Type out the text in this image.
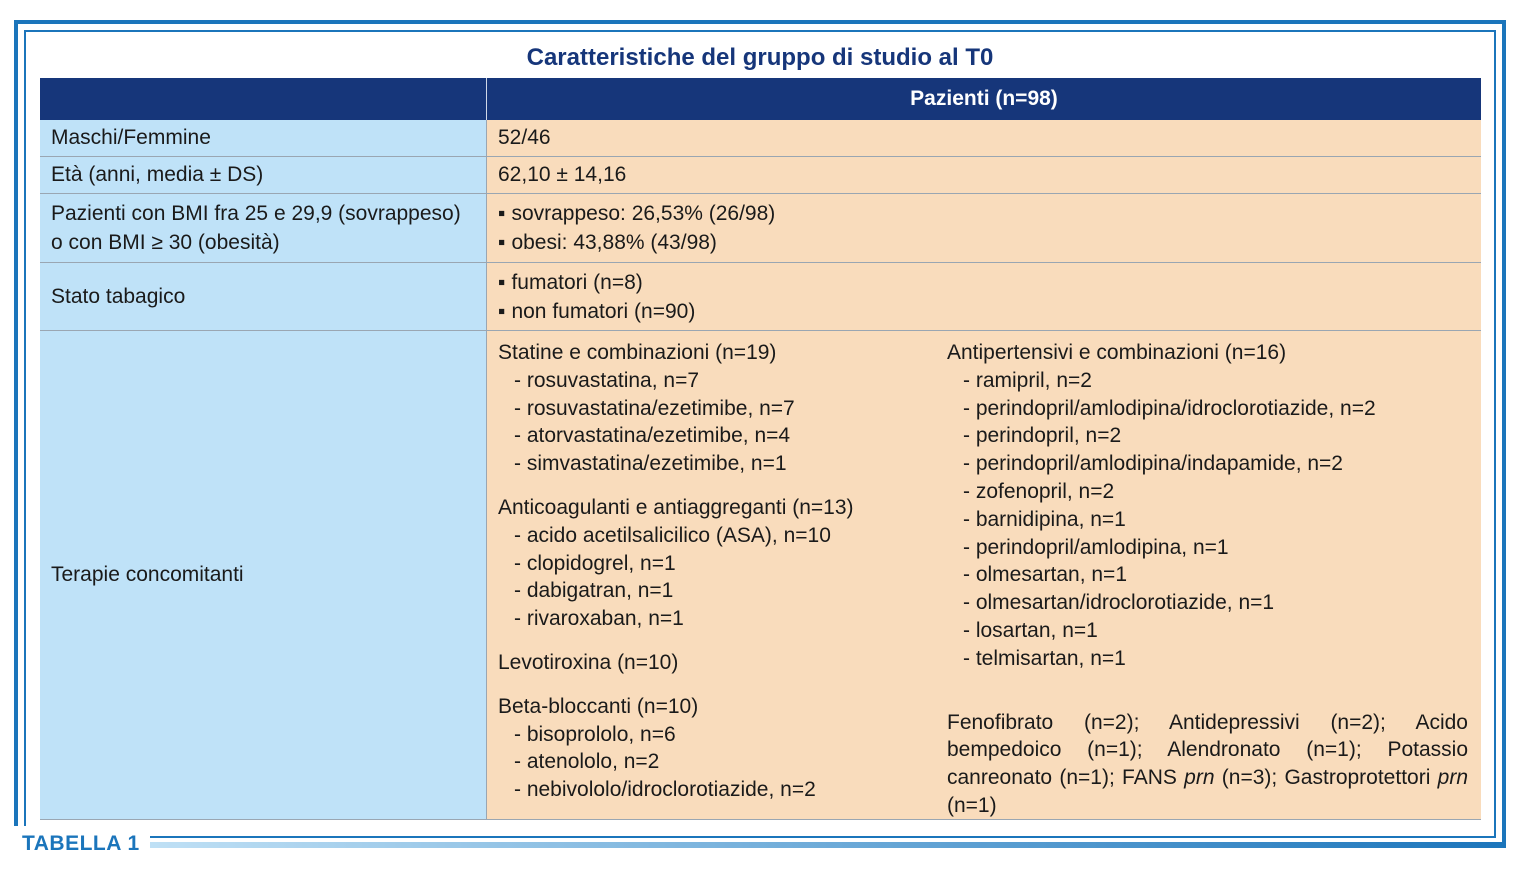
TABELLA 1
Caratteristiche del gruppo di studio al T0
Pazienti (n=98)
Maschi/Femmine	52/46
Età (anni, media ± DS)	62,10 ± 14,16
Pazienti con BMI fra 25 e 29,9 (sovrappeso)
o con BMI ≥ 30 (obesità)
▪ sovrappeso: 26,53% (26/98)
▪ obesi: 43,88% (43/98)
Stato tabagico
▪ fumatori (n=8)
▪ non fumatori (n=90)
Terapie concomitanti
Statine e combinazioni (n=19)
- rosuvastatina, n=7
- rosuvastatina/ezetimibe, n=7
- atorvastatina/ezetimibe, n=4
- simvastatina/ezetimibe, n=1
Anticoagulanti e antiaggreganti (n=13)
- acido acetilsalicilico (ASA), n=10
- clopidogrel, n=1
- dabigatran, n=1
- rivaroxaban, n=1
Levotiroxina (n=10)
Beta-bloccanti (n=10)
- bisoprololo, n=6
- atenololo, n=2
- nebivololo/idroclorotiazide, n=2
Antipertensivi e combinazioni (n=16)
- ramipril, n=2
- perindopril/amlodipina/idroclorotiazide, n=2
- perindopril, n=2
- perindopril/amlodipina/indapamide, n=2
- zofenopril, n=2
- barnidipina, n=1
- perindopril/amlodipina, n=1
- olmesartan, n=1
- olmesartan/idroclorotiazide, n=1
- losartan, n=1
- telmisartan, n=1
Fenofibrato (n=2); Antidepressivi (n=2); Acido bempedoico (n=1); Alendronato (n=1); Potassio canreonato (n=1); FANS prn (n=3); Gastroprotettori prn (n=1)
